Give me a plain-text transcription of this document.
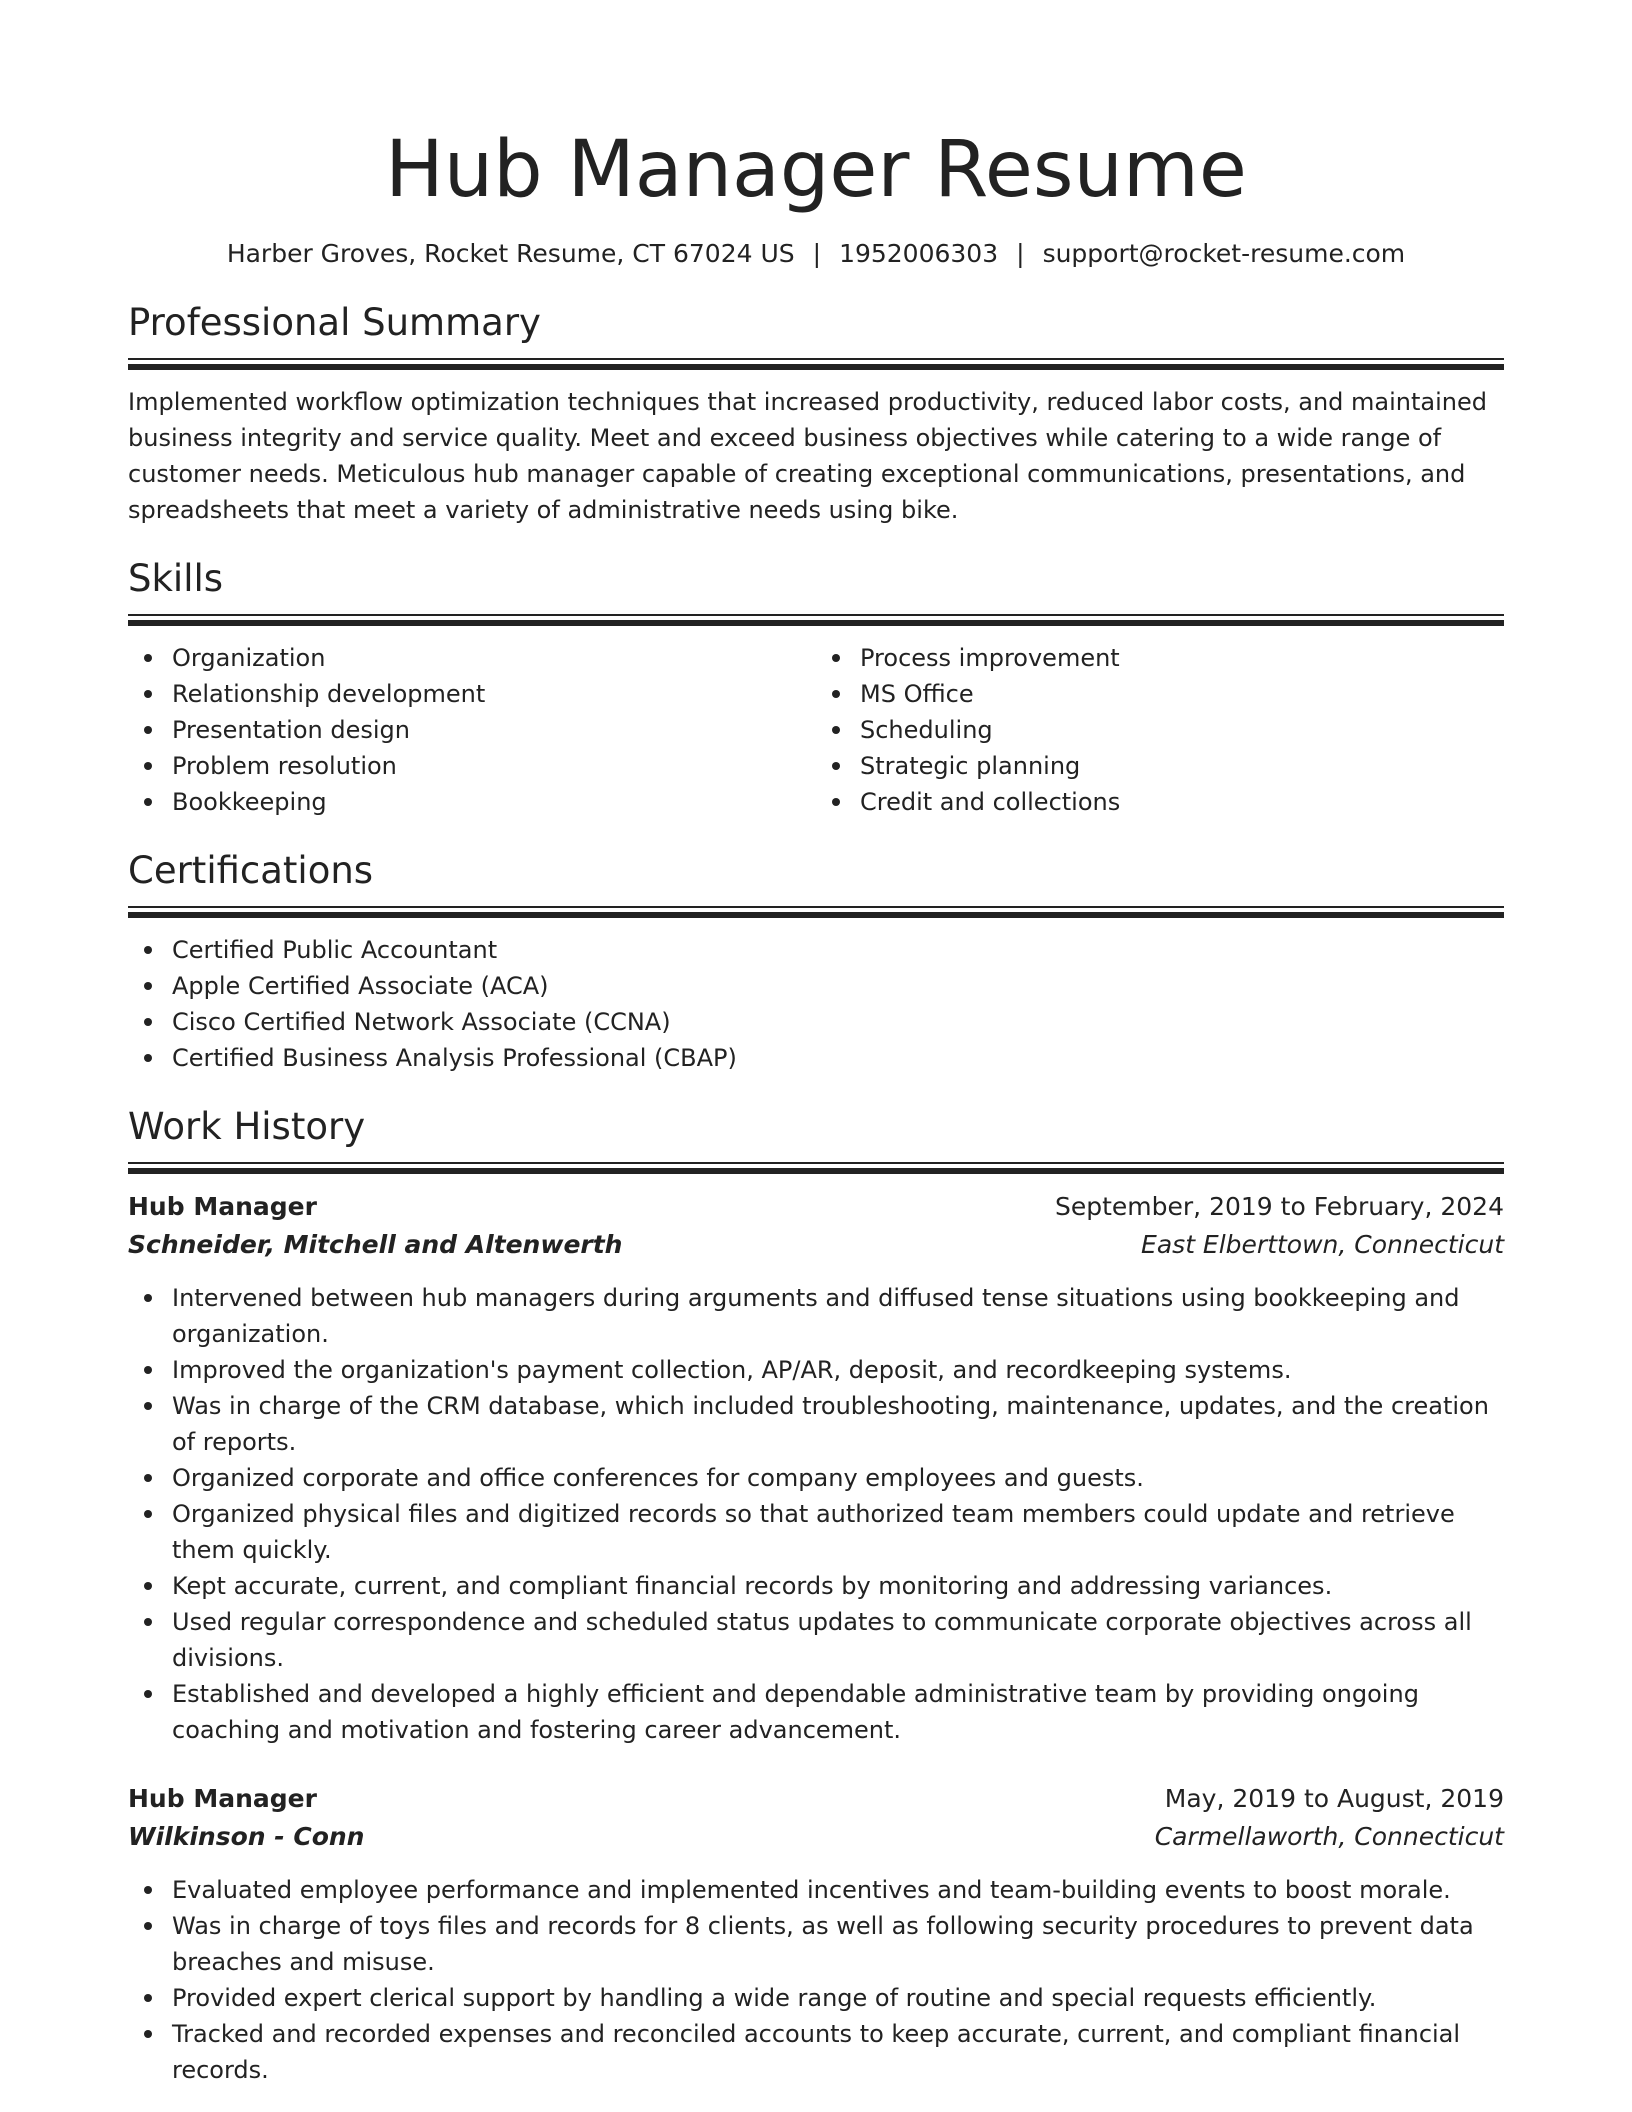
Hub Manager Resume
Harber Groves, Rocket Resume, CT 67024 US | 1952006303 | support@rocket-resume.com
Professional Summary
Implemented workflow optimization techniques that increased productivity, reduced labor costs, and maintained business integrity and service quality. Meet and exceed business objectives while catering to a wide range of customer needs. Meticulous hub manager capable of creating exceptional communications, presentations, and spreadsheets that meet a variety of administrative needs using bike.
Skills
Organization
Relationship development
Presentation design
Problem resolution
Bookkeeping
Process improvement
MS Office
Scheduling
Strategic planning
Credit and collections
Certifications
Certified Public Accountant
Apple Certified Associate (ACA)
Cisco Certified Network Associate (CCNA)
Certified Business Analysis Professional (CBAP)
Work History
Hub Manager	September, 2019 to February, 2024
Schneider, Mitchell and Altenwerth	East Elberttown, Connecticut
Intervened between hub managers during arguments and diffused tense situations using bookkeeping and organization.
Improved the organization's payment collection, AP/AR, deposit, and recordkeeping systems.
Was in charge of the CRM database, which included troubleshooting, maintenance, updates, and the creation of reports.
Organized corporate and office conferences for company employees and guests.
Organized physical files and digitized records so that authorized team members could update and retrieve them quickly.
Kept accurate, current, and compliant financial records by monitoring and addressing variances.
Used regular correspondence and scheduled status updates to communicate corporate objectives across all divisions.
Established and developed a highly efficient and dependable administrative team by providing ongoing coaching and motivation and fostering career advancement.
Hub Manager	May, 2019 to August, 2019
Wilkinson - Conn	Carmellaworth, Connecticut
Evaluated employee performance and implemented incentives and team-building events to boost morale.
Was in charge of toys files and records for 8 clients, as well as following security procedures to prevent data breaches and misuse.
Provided expert clerical support by handling a wide range of routine and special requests efficiently.
Tracked and recorded expenses and reconciled accounts to keep accurate, current, and compliant financial records.
